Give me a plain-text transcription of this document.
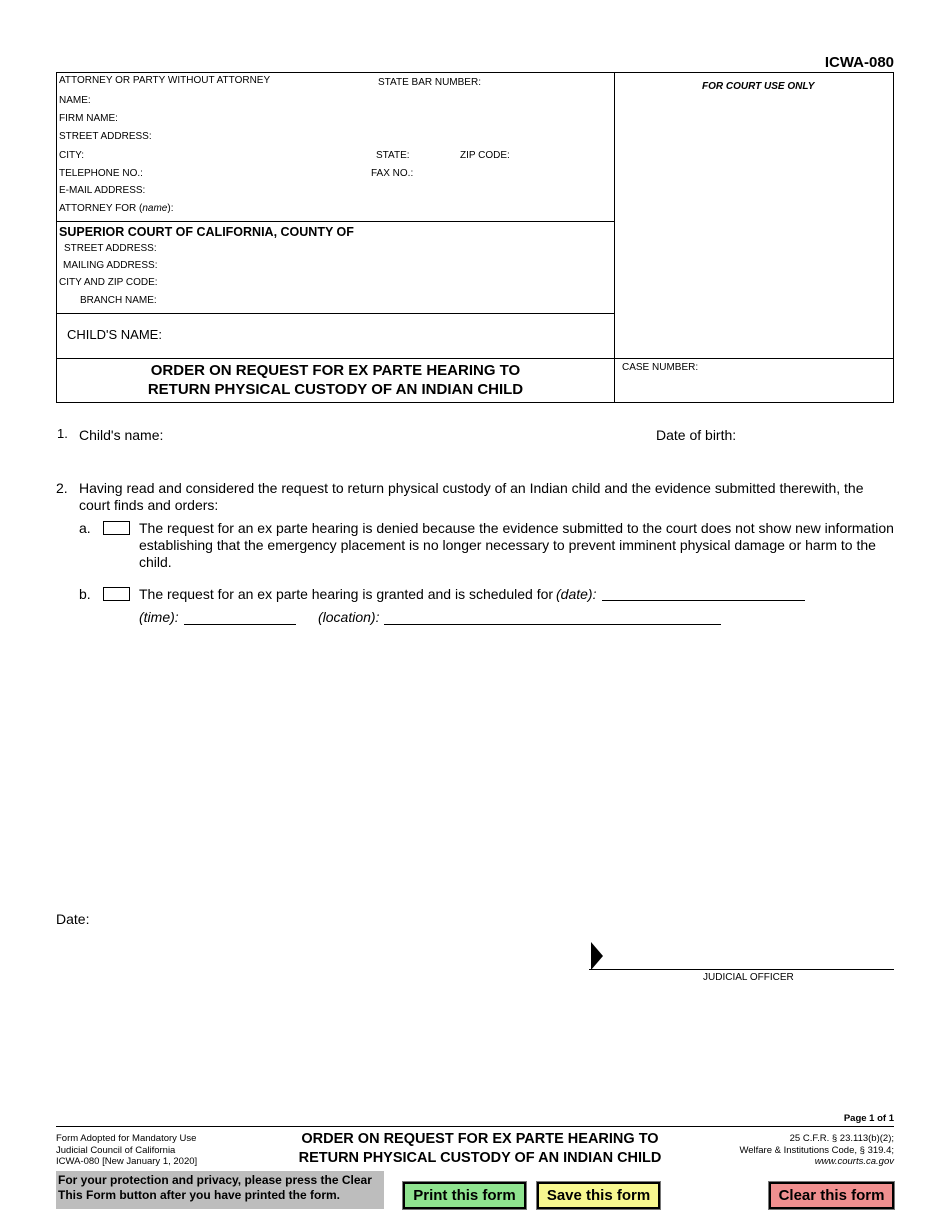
ICWA-080
ATTORNEY OR PARTY WITHOUT ATTORNEY	STATE BAR NUMBER:
NAME:
FIRM NAME:
STREET ADDRESS:
CITY:	STATE:	ZIP CODE:
TELEPHONE NO.:	FAX NO.:
E-MAIL ADDRESS:
ATTORNEY FOR (name):
FOR COURT USE ONLY
SUPERIOR COURT OF CALIFORNIA, COUNTY OF
STREET ADDRESS:
MAILING ADDRESS:
CITY AND ZIP CODE:
BRANCH NAME:
CHILD'S NAME:
ORDER ON REQUEST FOR EX PARTE HEARING TO
RETURN PHYSICAL CUSTODY OF AN INDIAN CHILD
CASE NUMBER:
1. Child's name:	Date of birth:
2. Having read and considered the request to return physical custody of an Indian child and the evidence submitted therewith, the
court finds and orders:
a.	The request for an ex parte hearing is denied because the evidence submitted to the court does not show new information
establishing that the emergency placement is no longer necessary to prevent imminent physical damage or harm to the
child.
b.	The request for an ex parte hearing is granted and is scheduled for (date):
(time):	(location):
Date:
JUDICIAL OFFICER
Page 1 of 1
Form Adopted for Mandatory Use
Judicial Council of California
ICWA-080 [New January 1, 2020]
ORDER ON REQUEST FOR EX PARTE HEARING TO
RETURN PHYSICAL CUSTODY OF AN INDIAN CHILD
25 C.F.R. § 23.113(b)(2);
Welfare & Institutions Code, § 319.4;
www.courts.ca.gov
For your protection and privacy, please press the Clear
This Form button after you have printed the form.	Print this form	Save this form	Clear this form
